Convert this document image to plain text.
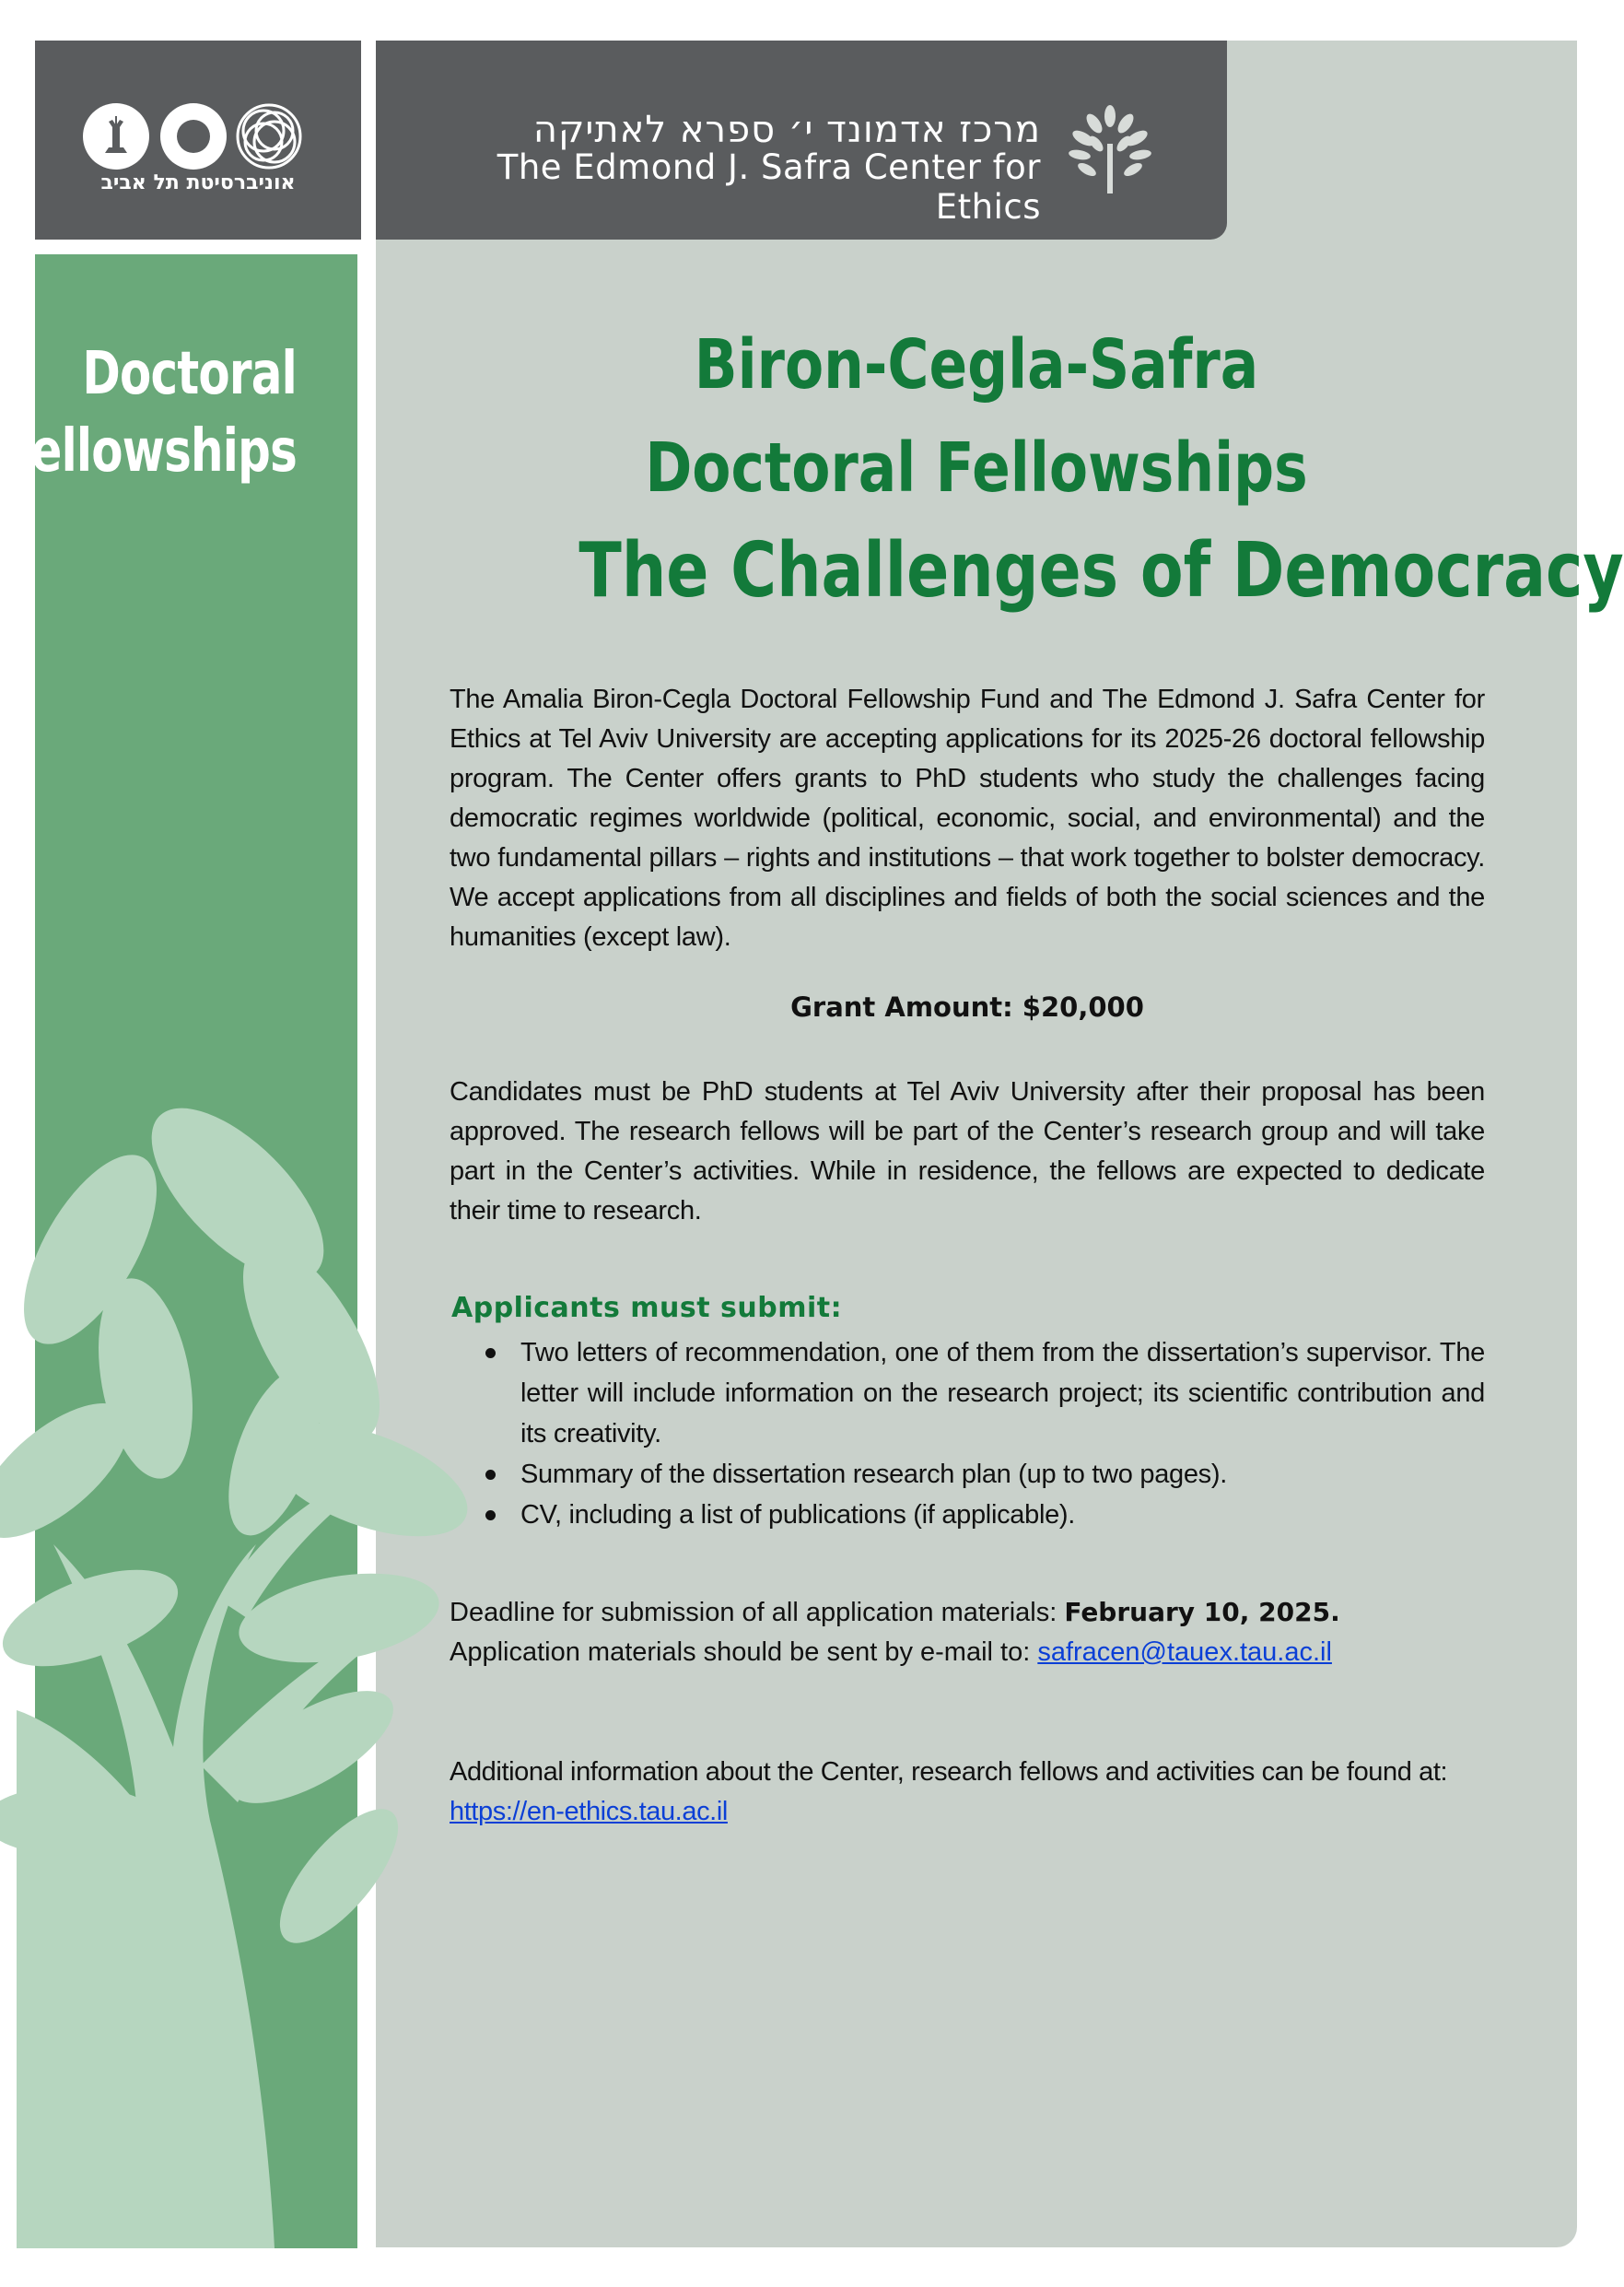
אוניברסיטת תל אביב
מרכז אדמונד י׳ ספרא לאתיקה
The Edmond J. Safra Center for Ethics
Doctoral
Fellowships
Biron-Cegla-Safra
Doctoral Fellowships
The Challenges of Democracy

The Amalia Biron-Cegla Doctoral Fellowship Fund and The Edmond J. Safra Center for Ethics at Tel Aviv University are accepting applications for its 2025-26 doctoral fellowship program. The Center offers grants to PhD students who study the challenges facing democratic regimes worldwide (political, economic, social, and environmental) and the two fundamental pillars – rights and institutions – that work together to bolster democracy. We accept applications from all disciplines and fields of both the social sciences and the humanities (except law).

Grant Amount: $20,000

Candidates must be PhD students at Tel Aviv University after their proposal has been approved. The research fellows will be part of the Center’s research group and will take part in the Center’s activities. While in residence, the fellows are expected to dedicate their time to research.

Applicants must submit:
Two letters of recommendation, one of them from the dissertation’s supervisor. The letter will include information on the research project; its scientific contribution and its creativity.
Summary of the dissertation research plan (up to two pages).
CV, including a list of publications (if applicable).
Deadline for submission of all application materials: February 10, 2025.
Application materials should be sent by e-mail to: safracen@tauex.tau.ac.il
Additional information about the Center, research fellows and activities can be found at:
https://en-ethics.tau.ac.il
